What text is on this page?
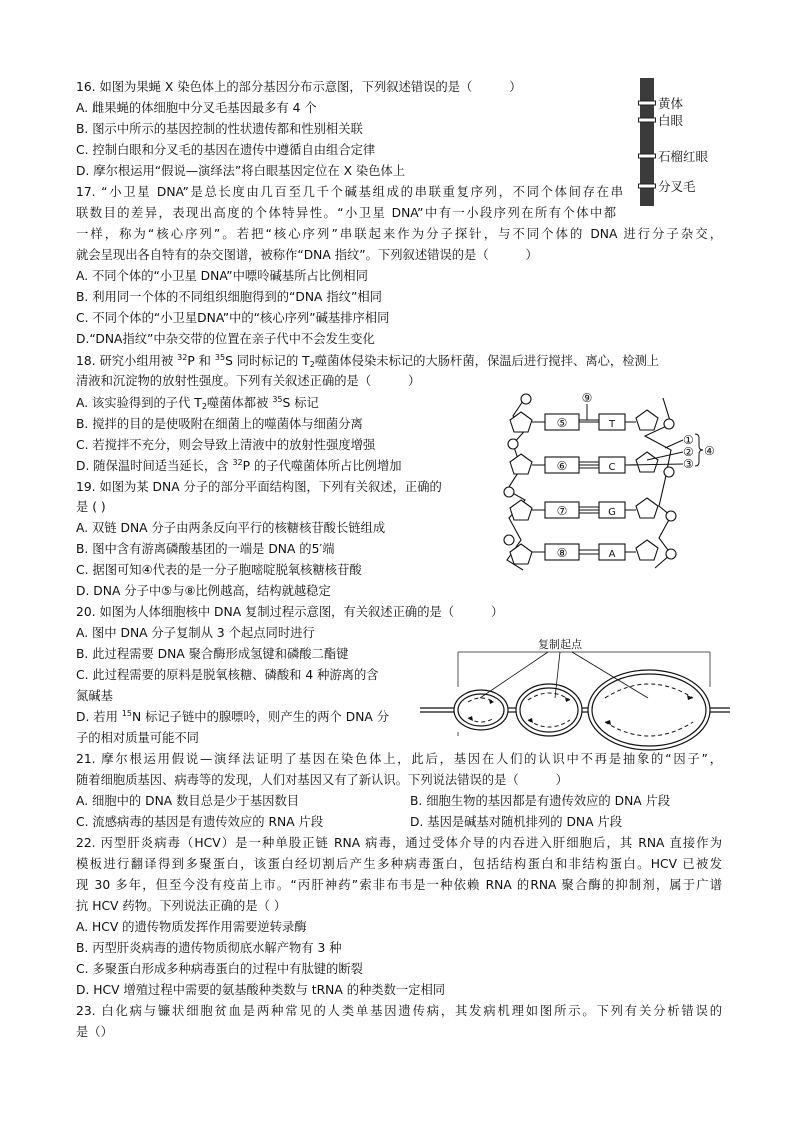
16. 如图为果蝇 X 染色体上的部分基因分布示意图，下列叙述错误的是（　　　）
A. 雌果蝇的体细胞中分叉毛基因最多有 4 个
B. 图示中所示的基因控制的性状遗传都和性别相关联
C. 控制白眼和分叉毛的基因在遗传中遵循自由组合定律
D. 摩尔根运用“假说—演绎法”将白眼基因定位在 X 染色体上
黄体
白眼
石榴红眼
分叉毛
17. “小卫星 DNA”是总长度由几百至几千个碱基组成的串联重复序列，不同个体间存在串
联数目的差异，表现出高度的个体特异性。“小卫星 DNA”中有一小段序列在所有个体中都
一样，称为“核心序列”。若把“核心序列”串联起来作为分子探针，与不同个体的 DNA 进行分子杂交，
就会呈现出各自特有的杂交图谱，被称作“DNA 指纹”。下列叙述错误的是（　　　）
A. 不同个体的“小卫星 DNA”中嘌呤碱基所占比例相同
B. 利用同一个体的不同组织细胞得到的“DNA 指纹”相同
C. 不同个体的“小卫星DNA”中的“核心序列”碱基排序相同
D.“DNA指纹”中杂交带的位置在亲子代中不会发生变化
18. 研究小组用被 $^{32}$P 和 $^{35}$S 同时标记的 $T_2$噬菌体侵染未标记的大肠杆菌，保温后进行搅拌、离心，检测上
清液和沉淀物的放射性强度。下列有关叙述正确的是（　　　）
A. 该实验得到的子代 $T_2$噬菌体都被 $^{35}$S 标记
B. 搅拌的目的是使吸附在细菌上的噬菌体与细菌分离
C. 若搅拌不充分，则会导致上清液中的放射性强度增强
D. 随保温时间适当延长，含 $^{32}$P 的子代噬菌体所占比例增加
⑤	T
⑥	C
⑦	G
⑧	A
⑨
①
②
③
④
19. 如图为某 DNA 分子的部分平面结构图，下列有关叙述，正确的
是 ( )
A. 双链 DNA 分子由两条反向平行的核糖核苷酸长链组成
B. 图中含有游离磷酸基团的一端是 DNA 的5′端
C. 据图可知④代表的是一分子胞嘧啶脱氧核糖核苷酸
D. DNA 分子中⑤与⑧比例越高，结构就越稳定
20. 如图为人体细胞核中 DNA 复制过程示意图，有关叙述正确的是（　　　）
A. 图中 DNA 分子复制从 3 个起点同时进行
B. 此过程需要 DNA 聚合酶形成氢键和磷酸二酯键
C. 此过程需要的原料是脱氧核糖、磷酸和 4 种游离的含
氮碱基
D. 若用 $^{15}$N 标记子链中的腺嘌呤，则产生的两个 DNA 分
子的相对质量可能不同
复制起点
21. 摩尔根运用假说—演绎法证明了基因在染色体上，此后，基因在人们的认识中不再是抽象的“因子”，
随着细胞质基因、病毒等的发现，人们对基因又有了新认识。下列说法错误的是（　　　）
A. 细胞中的 DNA 数目总是少于基因数目	B. 细胞生物的基因都是有遗传效应的 DNA 片段
C. 流感病毒的基因是有遗传效应的 RNA 片段	D. 基因是碱基对随机排列的 DNA 片段
22. 丙型肝炎病毒（HCV）是一种单股正链 RNA 病毒，通过受体介导的内吞进入肝细胞后，其 RNA 直接作为
模板进行翻译得到多聚蛋白，该蛋白经切割后产生多种病毒蛋白，包括结构蛋白和非结构蛋白。HCV 已被发
现 30 多年，但至今没有疫苗上市。“丙肝神药”索非布韦是一种依赖 RNA 的RNA 聚合酶的抑制剂，属于广谱
抗 HCV 药物。下列说法正确的是（ ）
A. HCV 的遗传物质发挥作用需要逆转录酶
B. 丙型肝炎病毒的遗传物质彻底水解产物有 3 种
C. 多聚蛋白形成多种病毒蛋白的过程中有肽键的断裂
D. HCV 增殖过程中需要的氨基酸种类数与 tRNA 的种类数一定相同
23. 白化病与镰状细胞贫血是两种常见的人类单基因遗传病，其发病机理如图所示。下列有关分析错误的
是（）
